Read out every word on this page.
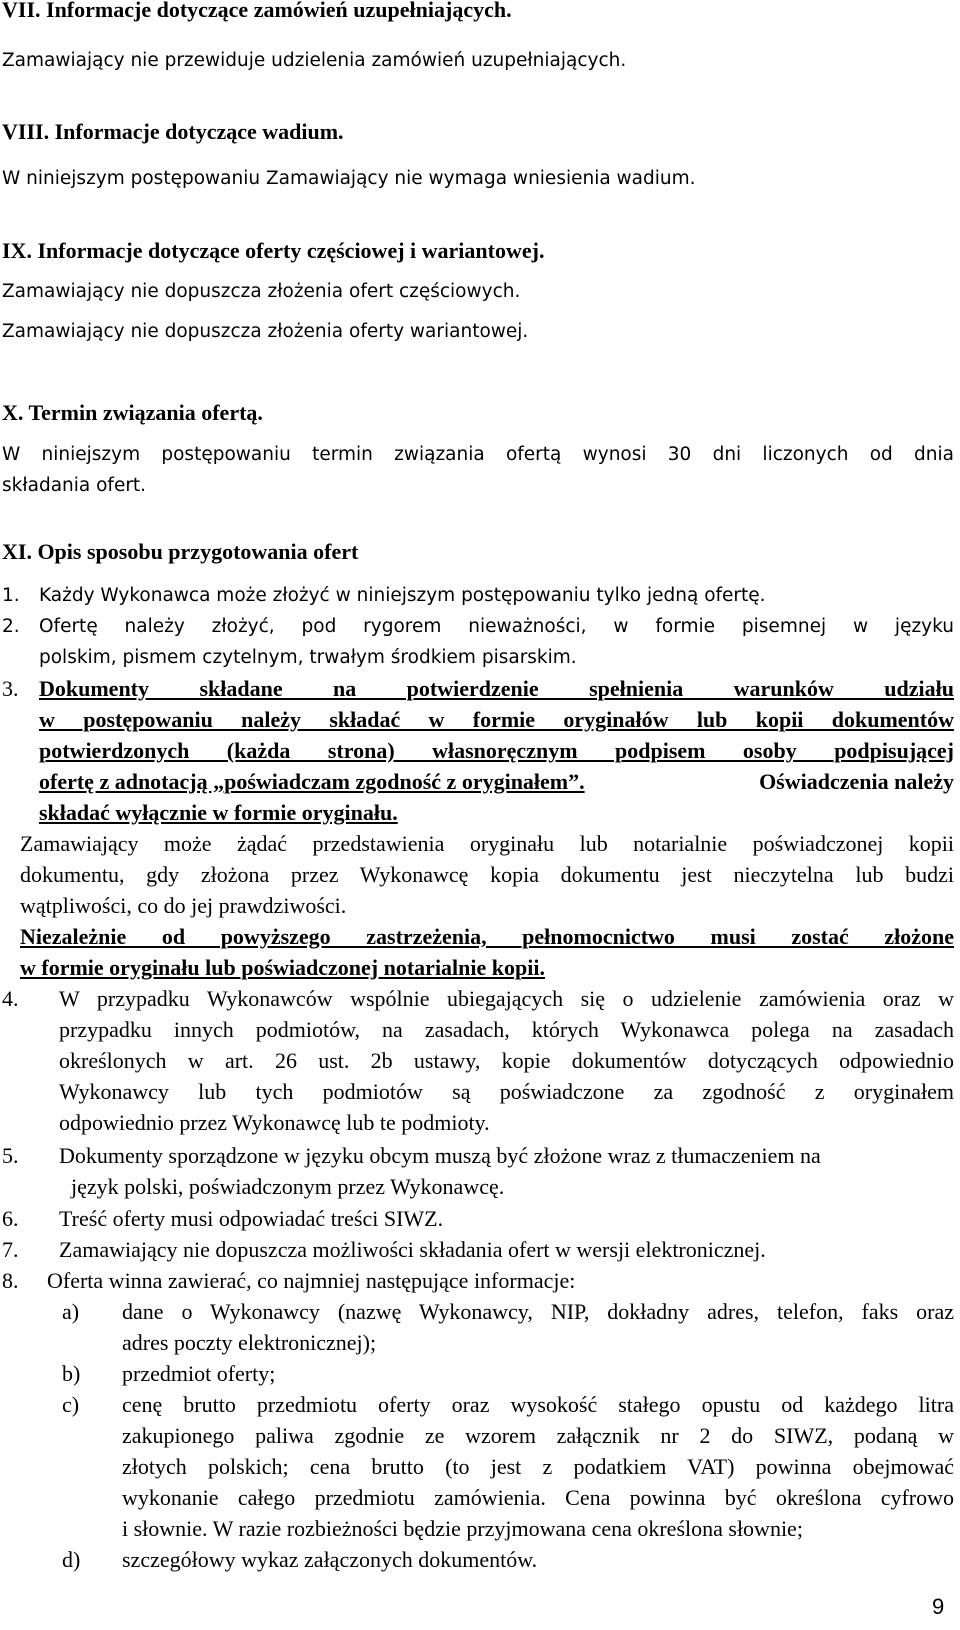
VII. Informacje dotyczące zamówień uzupełniających.
Zamawiający nie przewiduje udzielenia zamówień uzupełniających.
VIII. Informacje dotyczące wadium.
W niniejszym postępowaniu Zamawiający nie wymaga wniesienia wadium.
IX. Informacje dotyczące oferty częściowej i wariantowej.
Zamawiający nie dopuszcza złożenia ofert częściowych.
Zamawiający nie dopuszcza złożenia oferty wariantowej.
X. Termin związania ofertą.
W niniejszym postępowaniu termin związania ofertą wynosi 30 dni liczonych od dnia
składania ofert.
XI. Opis sposobu przygotowania ofert
1. Każdy Wykonawca może złożyć w niniejszym postępowaniu tylko jedną ofertę.
2. Ofertę należy złożyć, pod rygorem nieważności, w formie pisemnej w języku
polskim, pismem czytelnym, trwałym środkiem pisarskim.
3. Dokumenty składane na potwierdzenie spełnienia warunków udziału
w postępowaniu należy składać w formie oryginałów lub kopii dokumentów
potwierdzonych (każda strona) własnoręcznym podpisem osoby podpisującej
ofertę z adnotacją „poświadczam zgodność z oryginałem”.	Oświadczenia należy
składać wyłącznie w formie oryginału.
Zamawiający może żądać przedstawienia oryginału lub notarialnie poświadczonej kopii
dokumentu, gdy złożona przez Wykonawcę kopia dokumentu jest nieczytelna lub budzi
wątpliwości, co do jej prawdziwości.
Niezależnie od powyższego zastrzeżenia, pełnomocnictwo musi zostać złożone
w formie oryginału lub poświadczonej notarialnie kopii.
4. W przypadku Wykonawców wspólnie ubiegających się o udzielenie zamówienia oraz w
przypadku innych podmiotów, na zasadach, których Wykonawca polega na zasadach
określonych w art. 26 ust. 2b ustawy, kopie dokumentów dotyczących odpowiednio
Wykonawcy lub tych podmiotów są poświadczone za zgodność z oryginałem
odpowiednio przez Wykonawcę lub te podmioty.
5. Dokumenty sporządzone w języku obcym muszą być złożone wraz z tłumaczeniem na
język polski, poświadczonym przez Wykonawcę.
6. Treść oferty musi odpowiadać treści SIWZ.
7. Zamawiający nie dopuszcza możliwości składania ofert w wersji elektronicznej.
8. Oferta winna zawierać, co najmniej następujące informacje:
a) dane o Wykonawcy (nazwę Wykonawcy, NIP, dokładny adres, telefon, faks oraz
adres poczty elektronicznej);
b) przedmiot oferty;
c) cenę brutto przedmiotu oferty oraz wysokość stałego opustu od każdego litra
zakupionego paliwa zgodnie ze wzorem załącznik nr 2 do SIWZ, podaną w
złotych polskich; cena brutto (to jest z podatkiem VAT) powinna obejmować
wykonanie całego przedmiotu zamówienia. Cena powinna być określona cyfrowo
i słownie. W razie rozbieżności będzie przyjmowana cena określona słownie;
d) szczegółowy wykaz załączonych dokumentów.
9
